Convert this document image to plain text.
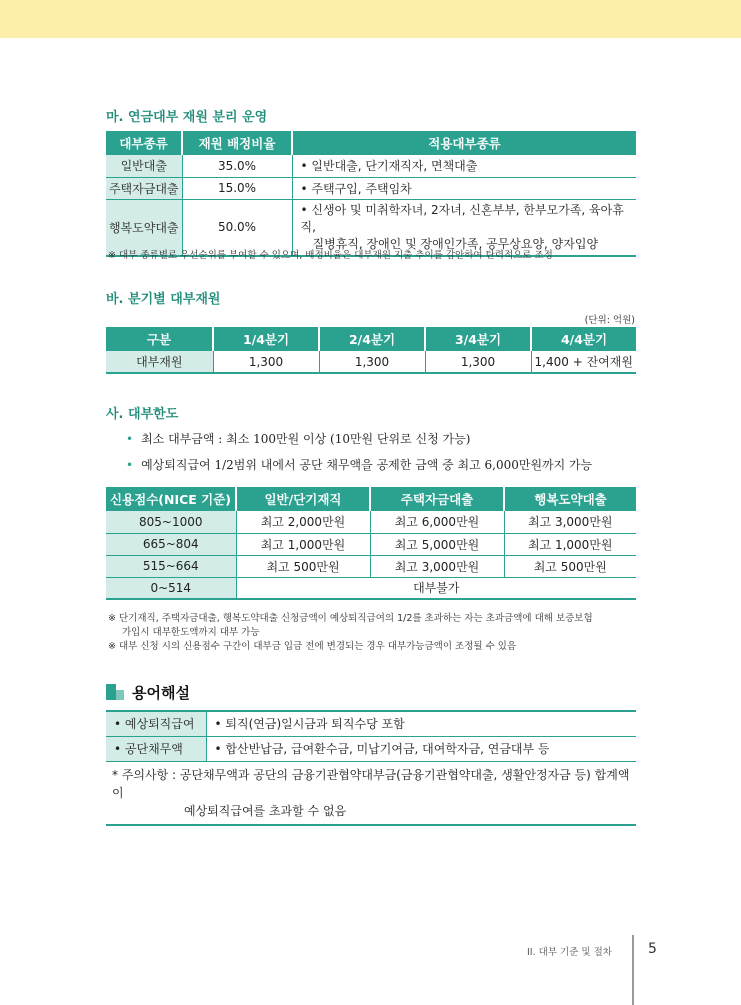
마. 연금대부 재원 분리 운영
대부종류	재원 배정비율	적용대부종류
일반대출	35.0%	• 일반대출, 단기재직자, 면책대출
주택자금대출	15.0%	• 주택구입, 주택임차
행복도약대출	50.0%	• 신생아 및 미취학자녀, 2자녀, 신혼부부, 한부모가족, 육아휴직,
질병휴직, 장애인 및 장애인가족, 공무상요양, 양자입양
※ 대부 종류별로 우선순위를 부여할 수 있으며, 배정비율은 대부재원 지출 추이를 감안하여 탄력적으로 조정
바. 분기별 대부재원
(단위: 억원)
구분	1/4분기	2/4분기	3/4분기	4/4분기
대부재원	1,300	1,300	1,300	1,400 + 잔여재원
사. 대부한도
• 최소 대부금액 : 최소 100만원 이상 (10만원 단위로 신청 가능)
• 예상퇴직급여 1/2범위 내에서 공단 채무액을 공제한 금액 중 최고 6,000만원까지 가능
신용점수(NICE 기준)	일반/단기재직	주택자금대출	행복도약대출
805~1000	최고 2,000만원	최고 6,000만원	최고 3,000만원
665~804	최고 1,000만원	최고 5,000만원	최고 1,000만원
515~664	최고 500만원	최고 3,000만원	최고 500만원
0~514	대부불가		
※ 단기재직, 주택자금대출, 행복도약대출 신청금액이 예상퇴직급여의 1/2를 초과하는 자는 초과금액에 대해 보증보험
가입시 대부한도액까지 대부 가능
※ 대부 신청 시의 신용점수 구간이 대부금 입금 전에 변경되는 경우 대부가능금액이 조정될 수 있음
용어해설
• 예상퇴직급여	• 퇴직(연금)일시금과 퇴직수당 포함
• 공단채무액	• 합산반납금, 급여환수금, 미납기여금, 대여학자금, 연금대부 등
* 주의사항 : 공단채무액과 공단의 금융기관협약대부금(금융기관협약대출, 생활안정자금 등) 합계액이
예상퇴직급여를 초과할 수 없음
II. 대부 기준 및 절차	5
